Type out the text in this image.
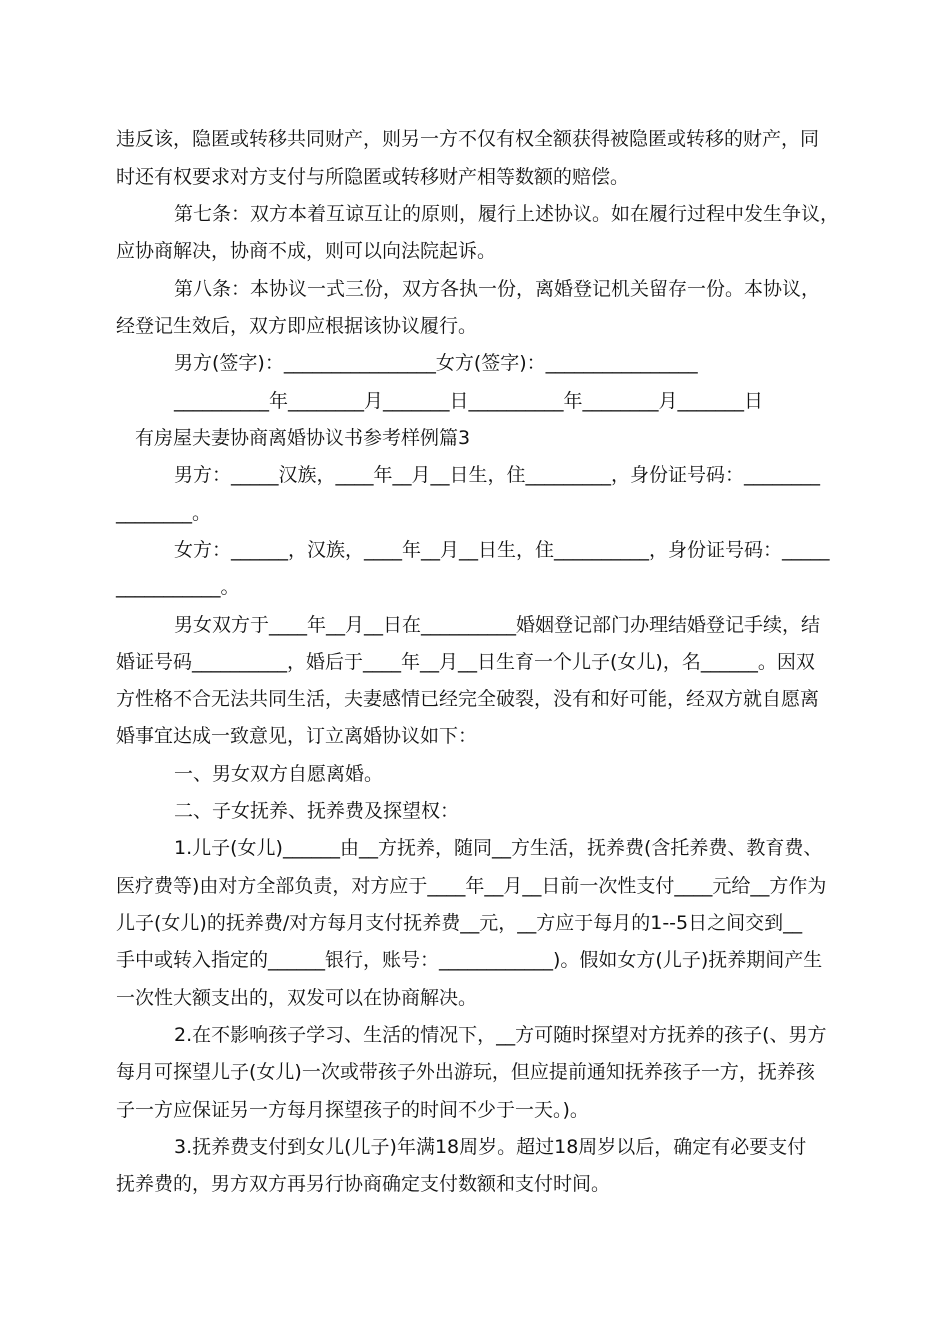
违反该，隐匿或转移共同财产，则另一方不仅有权全额获得被隐匿或转移的财产，同

时还有权要求对方支付与所隐匿或转移财产相等数额的赔偿。

第七条：双方本着互谅互让的原则，履行上述协议。如在履行过程中发生争议，

应协商解决，协商不成，则可以向法院起诉。

第八条：本协议一式三份，双方各执一份，离婚登记机关留存一份。本协议，

经登记生效后，双方即应根据该协议履行。

男方(签字)：________________女方(签字)：________________

__________年________月_______日__________年________月_______日

有房屋夫妻协商离婚协议书参考样例篇3

男方：_____汉族，____年__月__日生，住_________，身份证号码：________

________。

女方：______，汉族，____年__月__日生，住__________，身份证号码：_____

___________。

男女双方于____年__月__日在__________婚姻登记部门办理结婚登记手续，结

婚证号码__________，婚后于____年__月__日生育一个儿子(女儿)，名______。因双

方性格不合无法共同生活，夫妻感情已经完全破裂，没有和好可能，经双方就自愿离

婚事宜达成一致意见，订立离婚协议如下：

一、男女双方自愿离婚。

二、子女抚养、抚养费及探望权：

1.儿子(女儿)______由__方抚养，随同__方生活，抚养费(含托养费、教育费、

医疗费等)由对方全部负责，对方应于____年__月__日前一次性支付____元给__方作为

儿子(女儿)的抚养费/对方每月支付抚养费__元，__方应于每月的1--5日之间交到__

手中或转入指定的______银行，账号：____________)。假如女方(儿子)抚养期间产生

一次性大额支出的，双发可以在协商解决。

2.在不影响孩子学习、生活的情况下，__方可随时探望对方抚养的孩子(、男方

每月可探望儿子(女儿)一次或带孩子外出游玩，但应提前通知抚养孩子一方，抚养孩

子一方应保证另一方每月探望孩子的时间不少于一天。)。

3.抚养费支付到女儿(儿子)年满18周岁。超过18周岁以后，确定有必要支付

抚养费的，男方双方再另行协商确定支付数额和支付时间。
